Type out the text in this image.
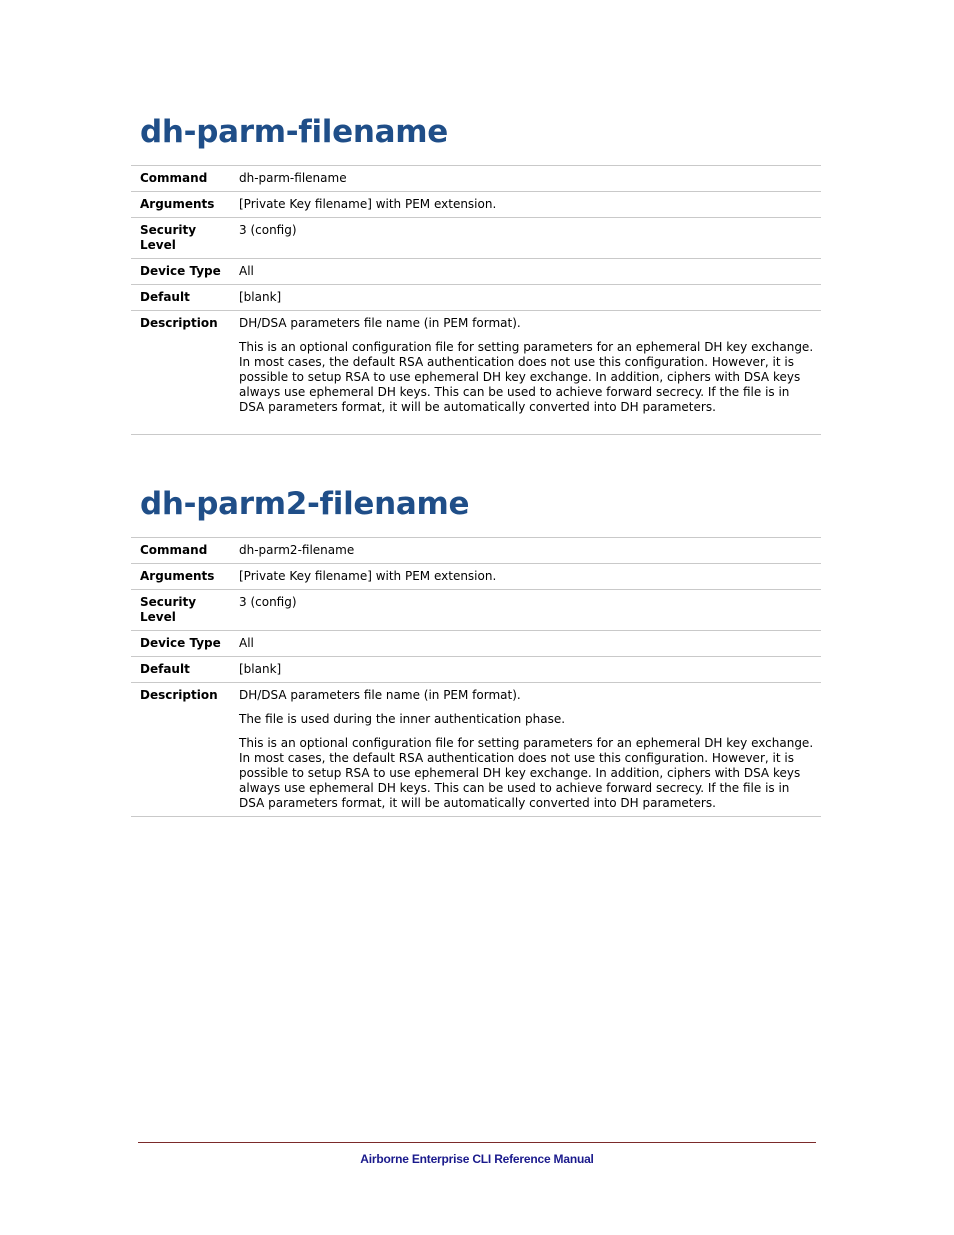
dh-parm-filename
Command	dh-parm-filename
Arguments	[Private Key filename] with PEM extension.
Security Level	3 (config)
Device Type	All
Default	[blank]
Description	DH/DSA parameters file name (in PEM format).

This is an optional configuration file for setting parameters for an ephemeral DH key exchange. In most cases, the default RSA authentication does not use this configuration. However, it is possible to setup RSA to use ephemeral DH key exchange. In addition, ciphers with DSA keys always use ephemeral DH keys. This can be used to achieve forward secrecy. If the file is in DSA parameters format, it will be automatically converted into DH parameters.

dh-parm2-filename
Command	dh-parm2-filename
Arguments	[Private Key filename] with PEM extension.
Security Level	3 (config)
Device Type	All
Default	[blank]
Description	DH/DSA parameters file name (in PEM format).

The file is used during the inner authentication phase.

This is an optional configuration file for setting parameters for an ephemeral DH key exchange. In most cases, the default RSA authentication does not use this configuration. However, it is possible to setup RSA to use ephemeral DH key exchange. In addition, ciphers with DSA keys always use ephemeral DH keys. This can be used to achieve forward secrecy. If the file is in DSA parameters format, it will be automatically converted into DH parameters.

Airborne Enterprise CLI Reference Manual
